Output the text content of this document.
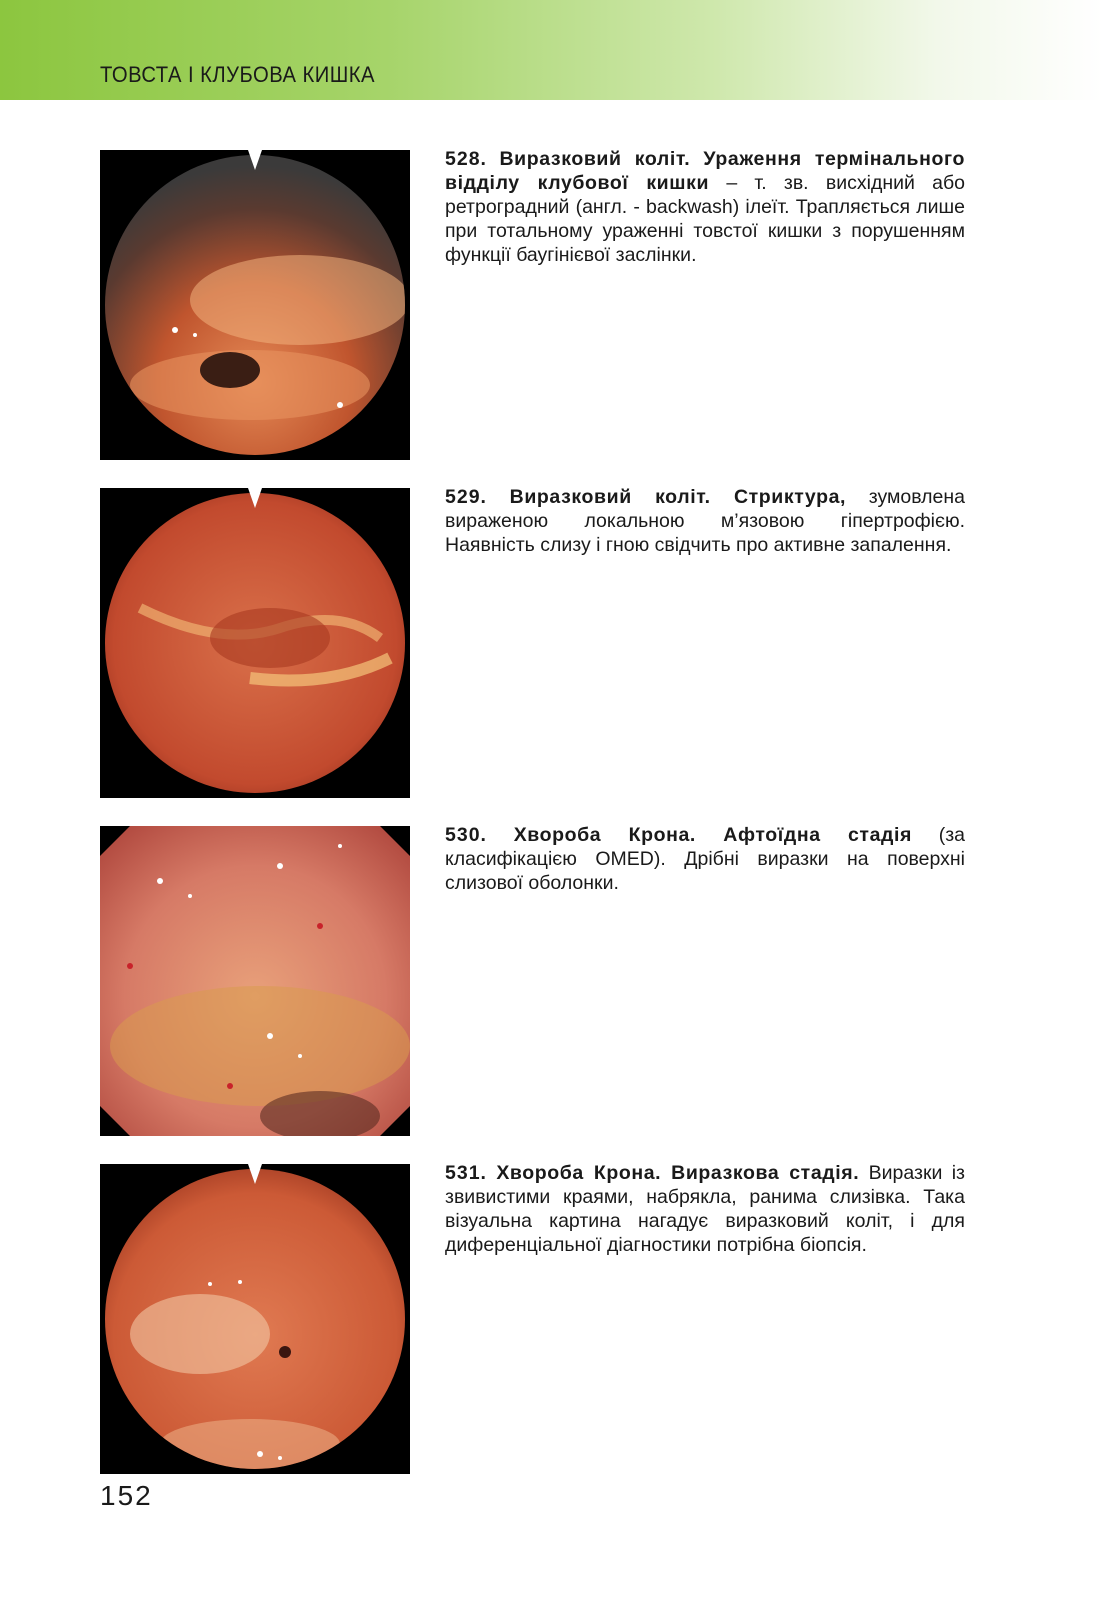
ТОВСТА І КЛУБОВА КИШКА
528. Виразковий коліт. Ураження термінального відділу клубової кишки – т. зв. висхідний або ретроградний (англ. - backwash) ілеїт. Трапляється лише при тотальному ураженні товстої кишки з порушенням функції баугінієвої заслінки.
529. Виразковий коліт. Стриктура, зумовлена вираженою локальною м’язовою гіпертрофією. Наявність слизу і гною свідчить про активне запалення.
530. Хвороба Крона. Афтоїдна стадія (за класифікацією OMED). Дрібні виразки на поверхні слизової оболонки.
531. Хвороба Крона. Виразкова стадія. Виразки із звивистими краями, набрякла, ранима слизівка. Така візуальна картина нагадує виразковий коліт, і для диференціальної діагностики потрібна біопсія.
152
